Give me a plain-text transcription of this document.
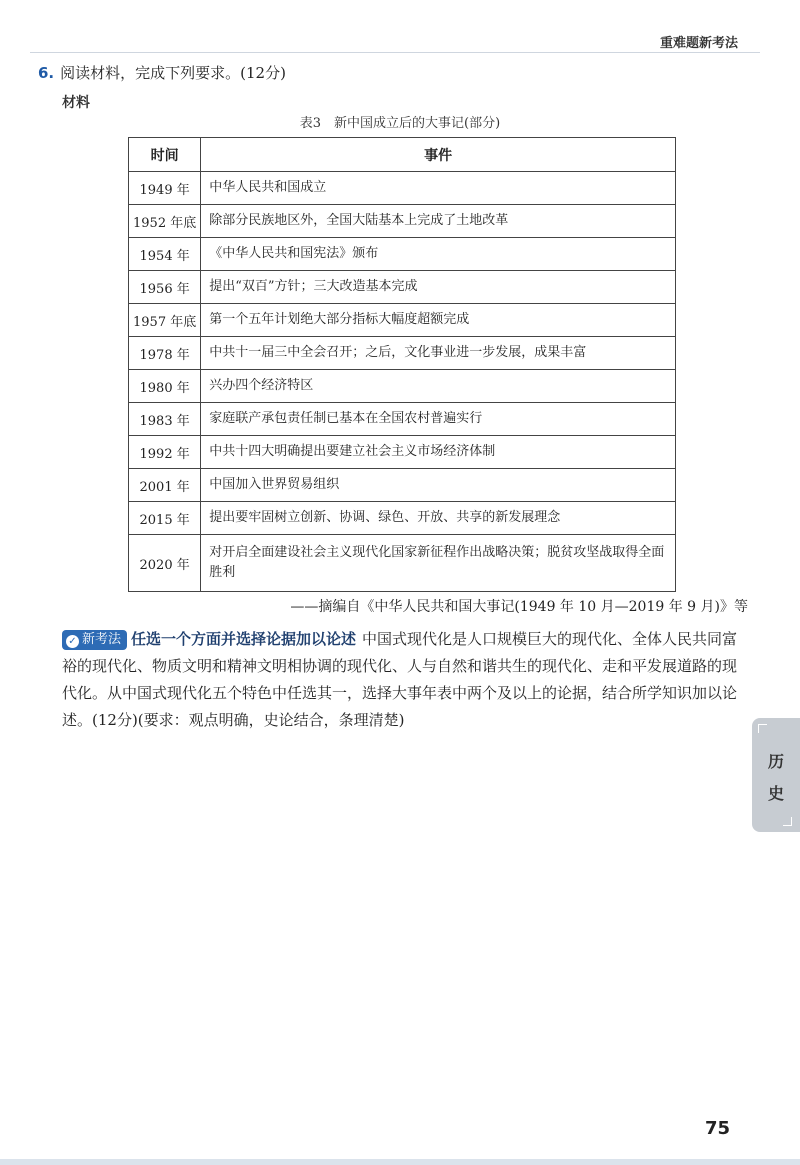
重难题新考法
6. 阅读材料，完成下列要求。(12分)
材料
表3　新中国成立后的大事记(部分)
时间	事件
1949 年	中华人民共和国成立
1952 年底	除部分民族地区外，全国大陆基本上完成了土地改革
1954 年	《中华人民共和国宪法》颁布
1956 年	提出“双百”方针；三大改造基本完成
1957 年底	第一个五年计划绝大部分指标大幅度超额完成
1978 年	中共十一届三中全会召开；之后，文化事业进一步发展，成果丰富
1980 年	兴办四个经济特区
1983 年	家庭联产承包责任制已基本在全国农村普遍实行
1992 年	中共十四大明确提出要建立社会主义市场经济体制
2001 年	中国加入世界贸易组织
2015 年	提出要牢固树立创新、协调、绿色、开放、共享的新发展理念
2020 年	对开启全面建设社会主义现代化国家新征程作出战略决策；脱贫攻坚战取得全面胜利
——摘编自《中华人民共和国大事记(1949 年 10 月—2019 年 9 月)》等
✓ 新考法 任选一个方面并选择论据加以论述 中国式现代化是人口规模巨大的现代化、全体人民共同富裕的现代化、物质文明和精神文明相协调的现代化、人与自然和谐共生的现代化、走和平发展道路的现代化。从中国式现代化五个特色中任选其一，选择大事年表中两个及以上的论据，结合所学知识加以论述。(12分)(要求：观点明确，史论结合，条理清楚)
历
史
75
